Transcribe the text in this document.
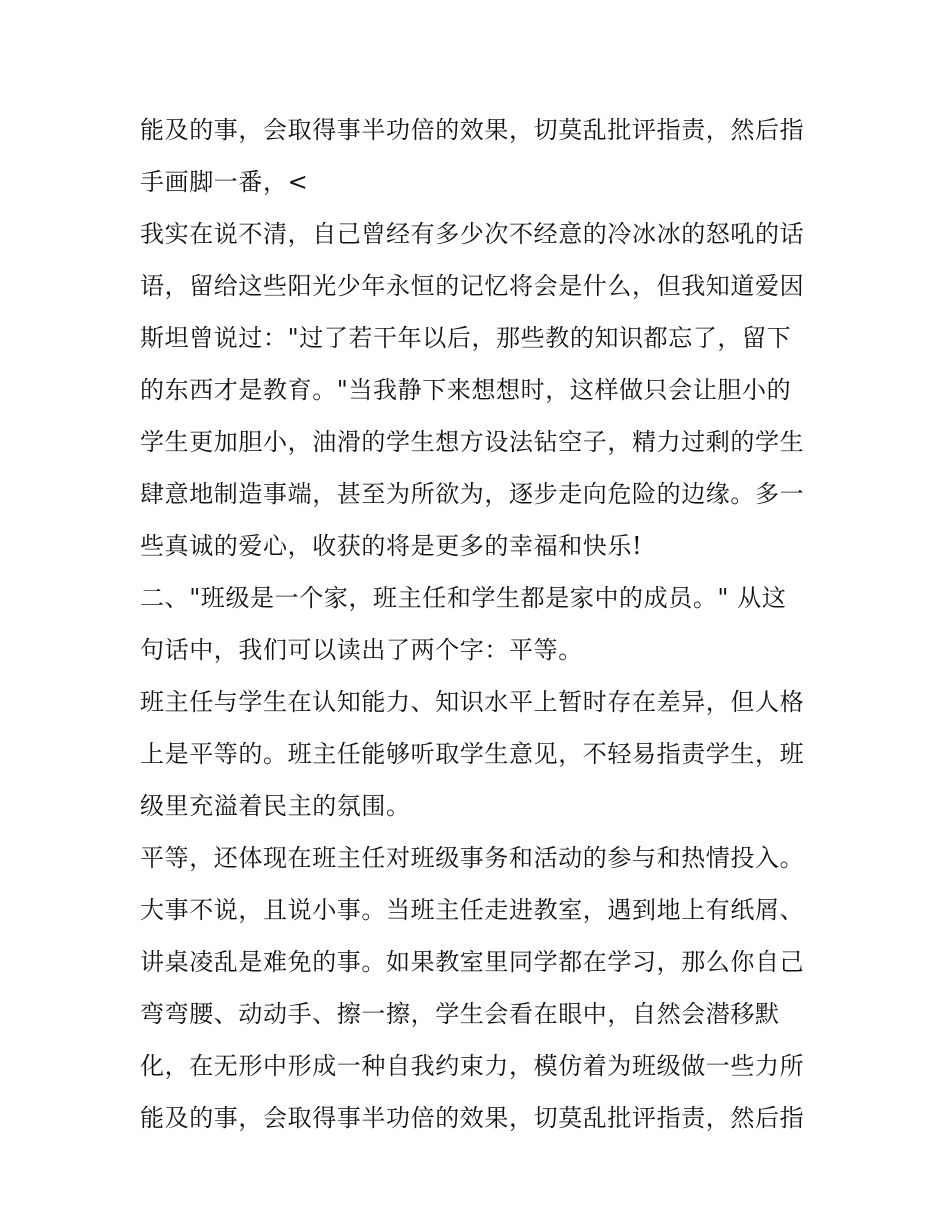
能及的事，会取得事半功倍的效果，切莫乱批评指责，然后指
手画脚一番，<
我实在说不清，自己曾经有多少次不经意的冷冰冰的怒吼的话
语，留给这些阳光少年永恒的记忆将会是什么，但我知道爱因
斯坦曾说过："过了若干年以后，那些教的知识都忘了，留下
的东西才是教育。"当我静下来想想时，这样做只会让胆小的
学生更加胆小，油滑的学生想方设法钻空子，精力过剩的学生
肆意地制造事端，甚至为所欲为，逐步走向危险的边缘。多一
些真诚的爱心，收获的将是更多的幸福和快乐!
二、"班级是一个家，班主任和学生都是家中的成员。" 从这
句话中，我们可以读出了两个字：平等。
班主任与学生在认知能力、知识水平上暂时存在差异，但人格
上是平等的。班主任能够听取学生意见，不轻易指责学生，班
级里充溢着民主的氛围。
平等，还体现在班主任对班级事务和活动的参与和热情投入。
大事不说，且说小事。当班主任走进教室，遇到地上有纸屑、
讲桌凌乱是难免的事。如果教室里同学都在学习，那么你自己
弯弯腰、动动手、擦一擦，学生会看在眼中，自然会潜移默
化，在无形中形成一种自我约束力，模仿着为班级做一些力所
能及的事，会取得事半功倍的效果，切莫乱批评指责，然后指
